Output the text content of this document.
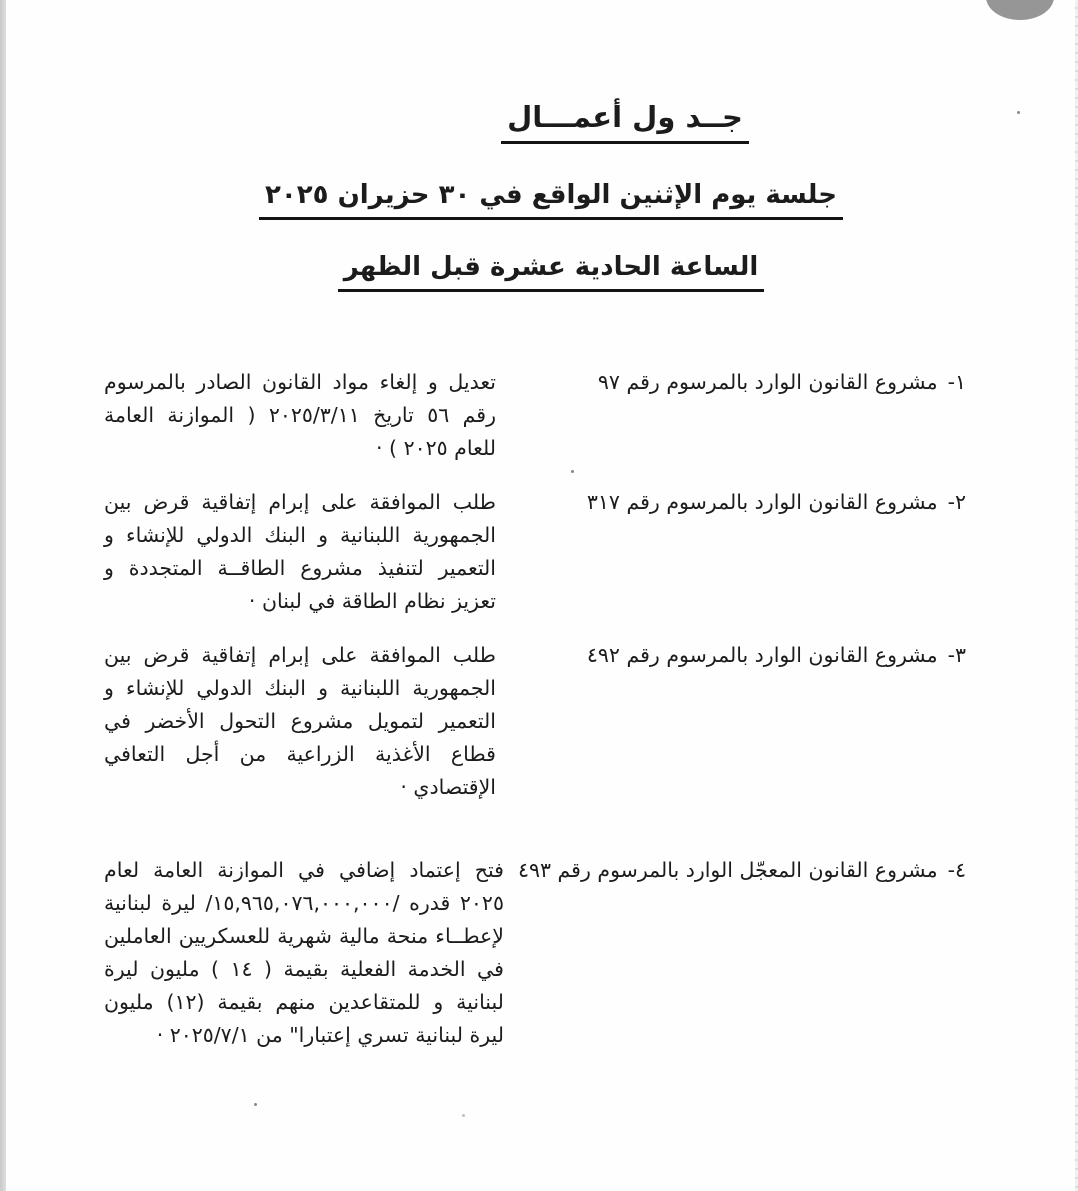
جــد ول أعمـــال
جلسة يوم الإثنين الواقع في ٣٠ حزيران ٢٠٢٥
الساعة الحادية عشرة قبل الظهر
١-مشروع القانون الوارد بالمرسوم رقم ٩٧
تعديل و إلغاء مواد القانون الصادر بالمرسوم رقم ٥٦ تاريخ ٢٠٢٥/٣/١١ ( الموازنة العامة للعام ٢٠٢٥ ) ·
٢-مشروع القانون الوارد بالمرسوم رقم ٣١٧
طلب الموافقة على إبرام إتفاقية قرض بين الجمهورية اللبنانية و البنك الدولي للإنشاء و التعمير لتنفيذ مشروع الطاقــة المتجددة و تعزيز نظام الطاقة في لبنان ·
٣-مشروع القانون الوارد بالمرسوم رقم ٤٩٢
طلب الموافقة على إبرام إتفاقية قرض بين الجمهورية اللبنانية و البنك الدولي للإنشاء و التعمير لتمويل مشروع التحول الأخضر في قطاع الأغذية الزراعية من أجل التعافي الإقتصادي ·
٤-مشروع القانون المعجّل الوارد بالمرسوم رقم ٤٩٣
فتح إعتماد إضافي في الموازنة العامة لعام ٢٠٢٥ قدره /١٥,٩٦٥,٠٧٦,٠٠٠,٠٠٠/ ليرة لبنانية لإعطــاء منحة مالية شهرية للعسكريين العاملين في الخدمة الفعلية بقيمة ( ١٤ ) مليون ليرة لبنانية و للمتقاعدين منهم بقيمة (١٢) مليون ليرة لبنانية تسري إعتبارا" من ٢٠٢٥/٧/١ ·
